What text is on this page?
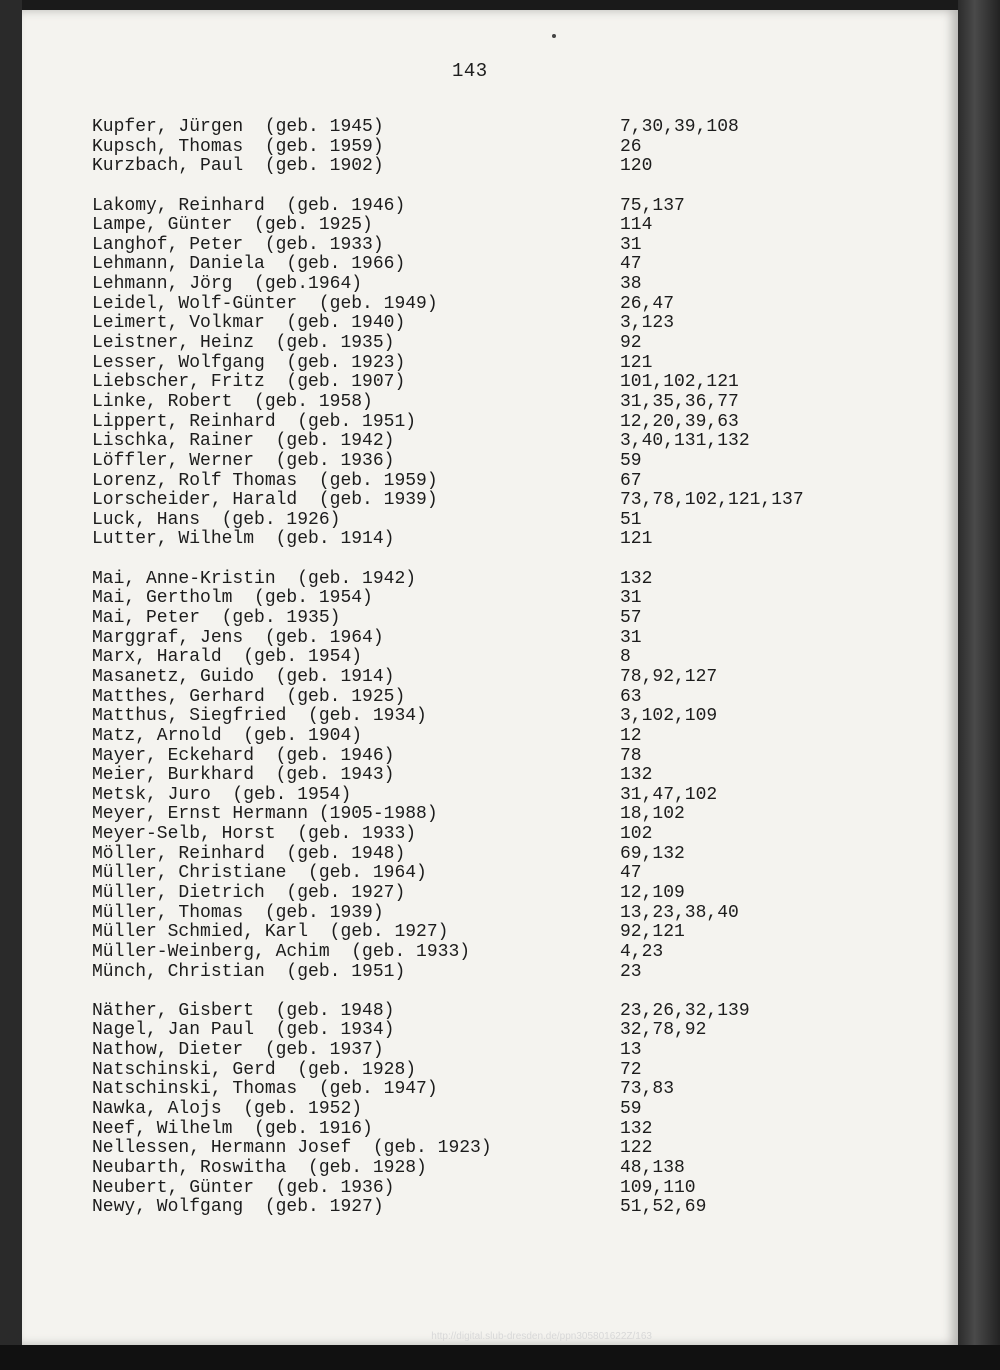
143
Kupfer, Jürgen  (geb. 1945)	7,30,39,108
Kupsch, Thomas  (geb. 1959)	26
Kurzbach, Paul  (geb. 1902)	120
Lakomy, Reinhard  (geb. 1946)	75,137
Lampe, Günter  (geb. 1925)	114
Langhof, Peter  (geb. 1933)	31
Lehmann, Daniela  (geb. 1966)	47
Lehmann, Jörg  (geb.1964)	38
Leidel, Wolf-Günter  (geb. 1949)	26,47
Leimert, Volkmar  (geb. 1940)	3,123
Leistner, Heinz  (geb. 1935)	92
Lesser, Wolfgang  (geb. 1923)	121
Liebscher, Fritz  (geb. 1907)	101,102,121
Linke, Robert  (geb. 1958)	31,35,36,77
Lippert, Reinhard  (geb. 1951)	12,20,39,63
Lischka, Rainer  (geb. 1942)	3,40,131,132
Löffler, Werner  (geb. 1936)	59
Lorenz, Rolf Thomas  (geb. 1959)	67
Lorscheider, Harald  (geb. 1939)	73,78,102,121,137
Luck, Hans  (geb. 1926)	51
Lutter, Wilhelm  (geb. 1914)	121
Mai, Anne-Kristin  (geb. 1942)	132
Mai, Gertholm  (geb. 1954)	31
Mai, Peter  (geb. 1935)	57
Marggraf, Jens  (geb. 1964)	31
Marx, Harald  (geb. 1954)	8
Masanetz, Guido  (geb. 1914)	78,92,127
Matthes, Gerhard  (geb. 1925)	63
Matthus, Siegfried  (geb. 1934)	3,102,109
Matz, Arnold  (geb. 1904)	12
Mayer, Eckehard  (geb. 1946)	78
Meier, Burkhard  (geb. 1943)	132
Metsk, Juro  (geb. 1954)	31,47,102
Meyer, Ernst Hermann (1905-1988)	18,102
Meyer-Selb, Horst  (geb. 1933)	102
Möller, Reinhard  (geb. 1948)	69,132
Müller, Christiane  (geb. 1964)	47
Müller, Dietrich  (geb. 1927)	12,109
Müller, Thomas  (geb. 1939)	13,23,38,40
Müller Schmied, Karl  (geb. 1927)	92,121
Müller-Weinberg, Achim  (geb. 1933)	4,23
Münch, Christian  (geb. 1951)	23
Näther, Gisbert  (geb. 1948)	23,26,32,139
Nagel, Jan Paul  (geb. 1934)	32,78,92
Nathow, Dieter  (geb. 1937)	13
Natschinski, Gerd  (geb. 1928)	72
Natschinski, Thomas  (geb. 1947)	73,83
Nawka, Alojs  (geb. 1952)	59
Neef, Wilhelm  (geb. 1916)	132
Nellessen, Hermann Josef  (geb. 1923)	122
Neubarth, Roswitha  (geb. 1928)	48,138
Neubert, Günter  (geb. 1936)	109,110
Newy, Wolfgang  (geb. 1927)	51,52,69
http://digital.slub-dresden.de/ppn305801622Z/163
